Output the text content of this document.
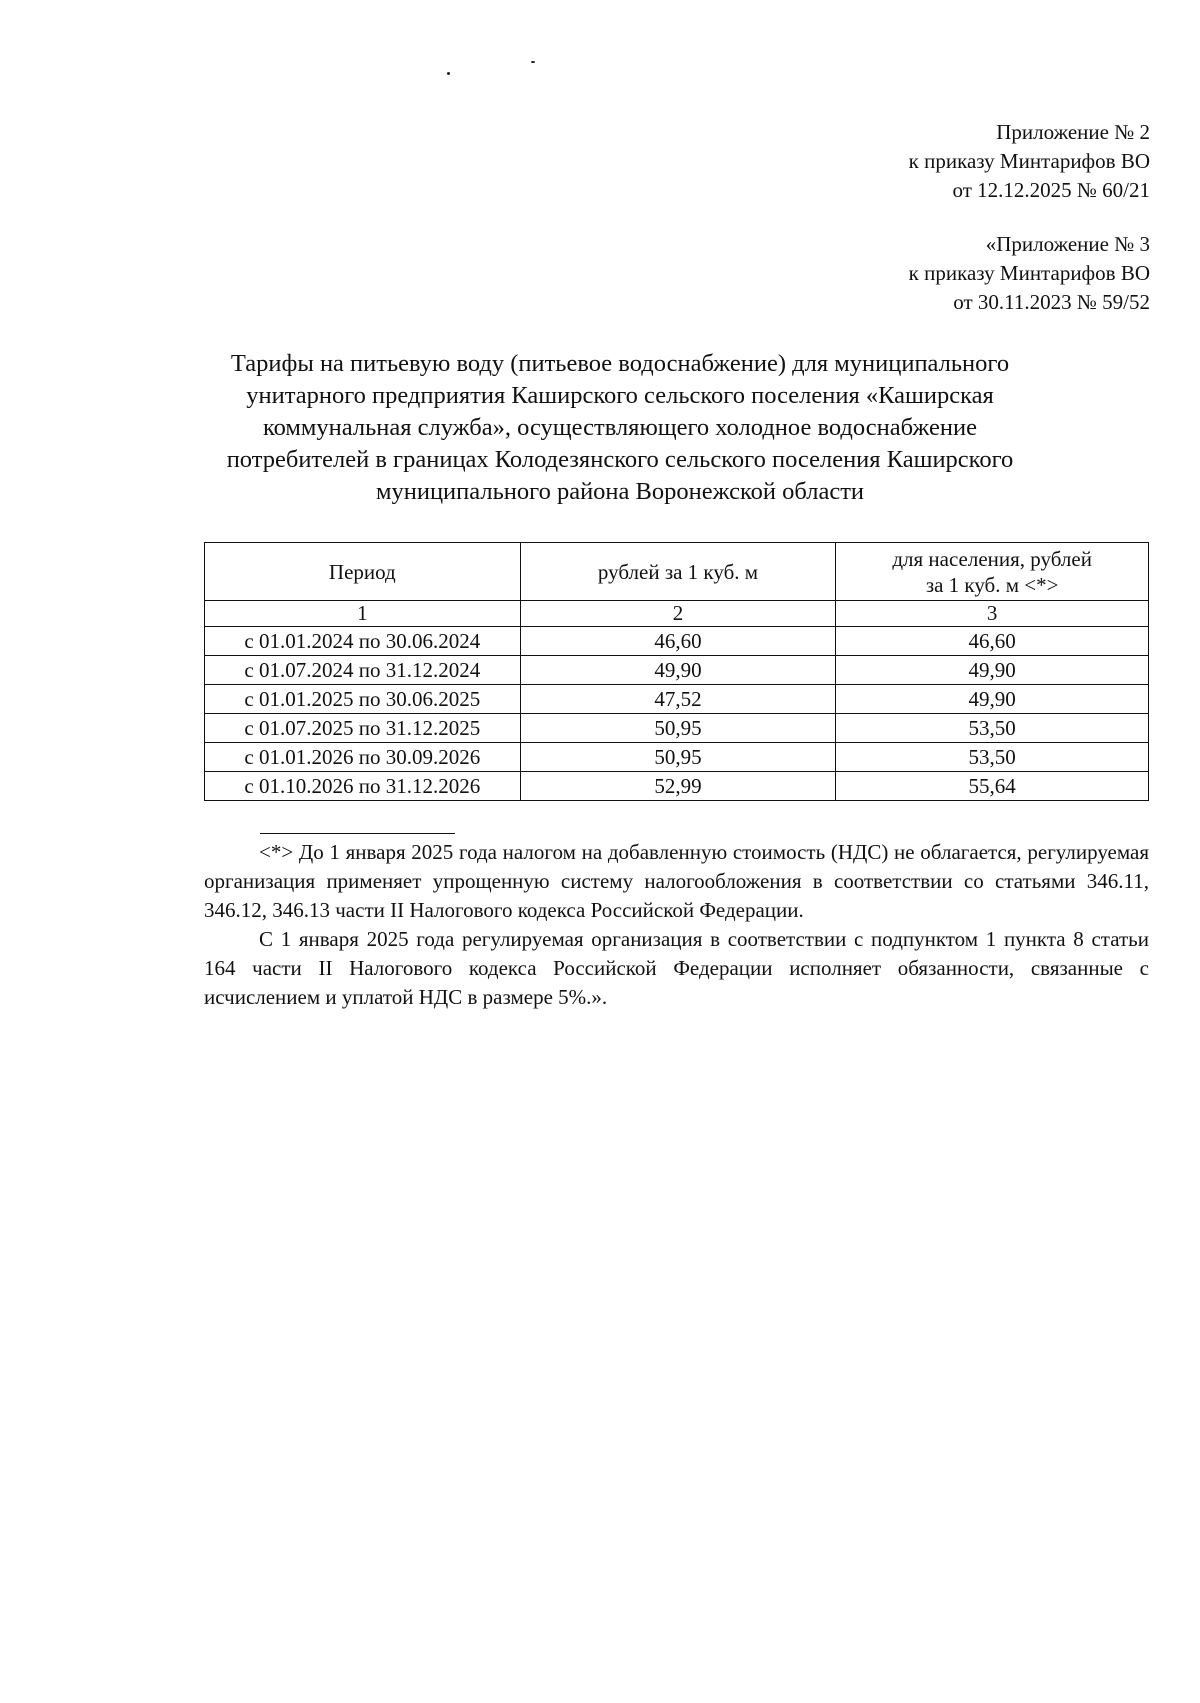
Приложение № 2
к приказу Минтарифов ВО
от 12.12.2025 № 60/21
«Приложение № 3
к приказу Минтарифов ВО
от 30.11.2023 № 59/52
Тарифы на питьевую воду (питьевое водоснабжение) для муниципального
унитарного предприятия Каширского сельского поселения «Каширская
коммунальная служба», осуществляющего холодное водоснабжение
потребителей в границах Колодезянского сельского поселения Каширского
муниципального района Воронежской области
Период	рублей за 1 куб. м	для населения, рублей
за 1 куб. м <*>

1	2	3
с 01.01.2024 по 30.06.2024	46,60	46,60
с 01.07.2024 по 31.12.2024	49,90	49,90
с 01.01.2025 по 30.06.2025	47,52	49,90
с 01.07.2025 по 31.12.2025	50,95	53,50
с 01.01.2026 по 30.09.2026	50,95	53,50
с 01.10.2026 по 31.12.2026	52,99	55,64

<*> До 1 января 2025 года налогом на добавленную стоимость (НДС) не облагается, регулируемая организация применяет упрощенную систему налогообложения в соответствии со статьями 346.11, 346.12, 346.13 части II Налогового кодекса Российской Федерации.

С 1 января 2025 года регулируемая организация в соответствии с подпунктом 1 пункта 8 статьи 164 части II Налогового кодекса Российской Федерации исполняет обязанности, связанные с исчислением и уплатой НДС в размере 5%.».
